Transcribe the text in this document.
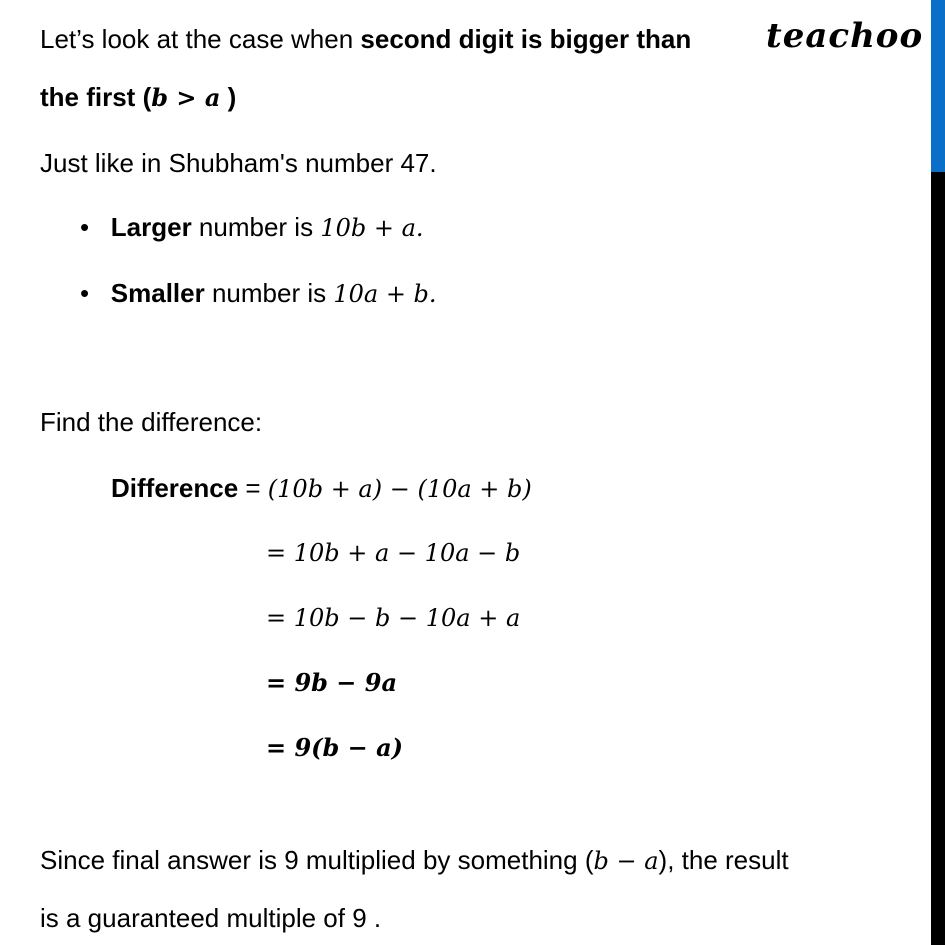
teachoo
Let’s look at the case when second digit is bigger than
the first (b > a )
Just like in Shubham's number 47.
•   Larger number is 10b + a.
•   Smaller number is 10a + b.
Find the difference:
Difference = (10b + a) − (10a + b)
= 10b + a − 10a − b
= 10b − b − 10a + a
= 9b − 9a
= 9(b − a)
Since final answer is 9 multiplied by something (b − a), the result
is a guaranteed multiple of 9 .
